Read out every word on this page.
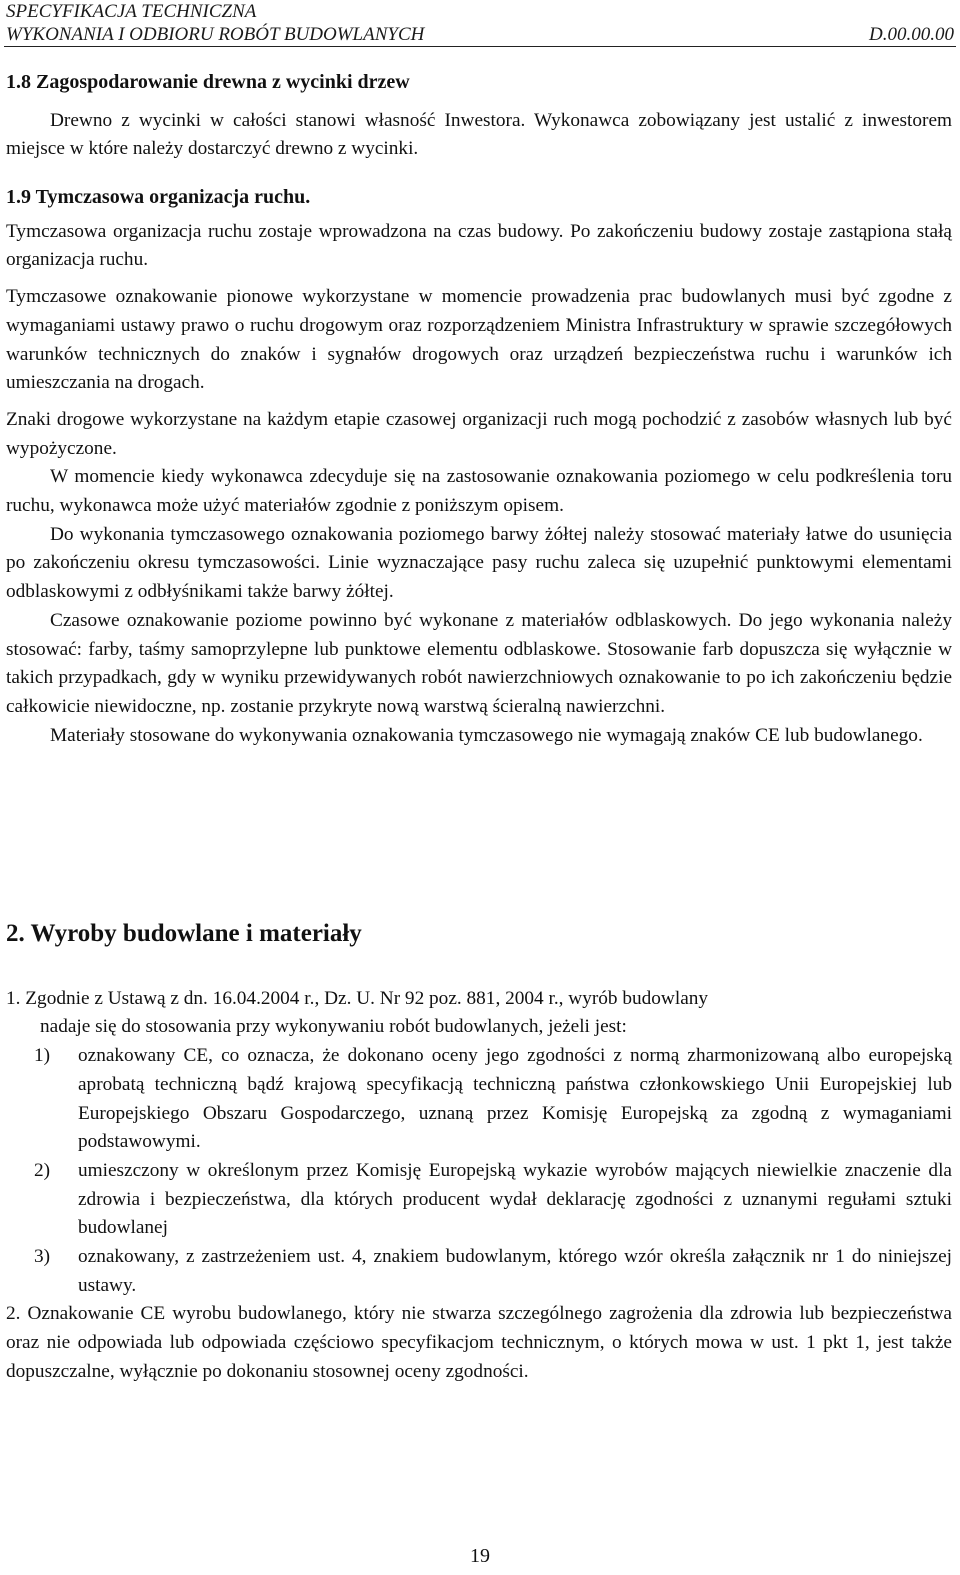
SPECYFIKACJA TECHNICZNA
WYKONANIA I ODBIORU ROBÓT BUDOWLANYCH	D.00.00.00

1.8 Zagospodarowanie drewna z wycinki drzew

Drewno z wycinki w całości stanowi własność Inwestora. Wykonawca zobowiązany jest ustalić z inwestorem miejsce w które należy dostarczyć drewno z wycinki.

1.9 Tymczasowa organizacja ruchu.

Tymczasowa organizacja ruchu zostaje wprowadzona na czas budowy. Po zakończeniu budowy zostaje zastąpiona stałą organizacja ruchu.

Tymczasowe oznakowanie pionowe wykorzystane w momencie prowadzenia prac budowlanych musi być zgodne z wymaganiami ustawy prawo o ruchu drogowym oraz rozporządzeniem Ministra Infrastruktury w sprawie szczegółowych warunków technicznych do znaków i sygnałów drogowych oraz urządzeń bezpieczeństwa ruchu i warunków ich umieszczania na drogach.

Znaki drogowe wykorzystane na każdym etapie czasowej organizacji ruch mogą pochodzić z zasobów własnych lub być wypożyczone.

W momencie kiedy wykonawca zdecyduje się na zastosowanie oznakowania poziomego w celu podkreślenia toru ruchu, wykonawca może użyć materiałów zgodnie z poniższym opisem.

Do wykonania tymczasowego oznakowania poziomego barwy żółtej należy stosować materiały łatwe do usunięcia po zakończeniu okresu tymczasowości. Linie wyznaczające pasy ruchu zaleca się uzupełnić punktowymi elementami odblaskowymi z odbłyśnikami także barwy żółtej.

Czasowe oznakowanie poziome powinno być wykonane z materiałów odblaskowych. Do jego wykonania należy stosować: farby, taśmy samoprzylepne lub punktowe elementu odblaskowe. Stosowanie farb dopuszcza się wyłącznie w takich przypadkach, gdy w wyniku przewidywanych robót nawierzchniowych oznakowanie to po ich zakończeniu będzie całkowicie niewidoczne, np. zostanie przykryte nową warstwą ścieralną nawierzchni.

Materiały stosowane do wykonywania oznakowania tymczasowego nie wymagają znaków CE lub budowlanego.

2. Wyroby budowlane i materiały

1. Zgodnie z Ustawą z dn. 16.04.2004 r., Dz. U. Nr 92 poz. 881, 2004 r., wyrób budowlany

nadaje się do stosowania przy wykonywaniu robót budowlanych, jeżeli jest:

1)	oznakowany CE, co oznacza, że dokonano oceny jego zgodności z normą zharmonizowaną albo europejską aprobatą techniczną bądź krajową specyfikacją techniczną państwa członkowskiego Unii Europejskiej lub Europejskiego Obszaru Gospodarczego, uznaną przez Komisję Europejską za zgodną z wymaganiami podstawowymi.
2)	umieszczony w określonym przez Komisję Europejską wykazie wyrobów mających niewielkie znaczenie dla zdrowia i bezpieczeństwa, dla których producent wydał deklarację zgodności z uznanymi regułami sztuki budowlanej
3)	oznakowany, z zastrzeżeniem ust. 4, znakiem budowlanym, którego wzór określa załącznik nr 1 do niniejszej ustawy.

2. Oznakowanie CE wyrobu budowlanego, który nie stwarza szczególnego zagrożenia dla zdrowia lub bezpieczeństwa oraz nie odpowiada lub odpowiada częściowo specyfikacjom technicznym, o których mowa w ust. 1 pkt 1, jest także dopuszczalne, wyłącznie po dokonaniu stosownej oceny zgodności.

19
